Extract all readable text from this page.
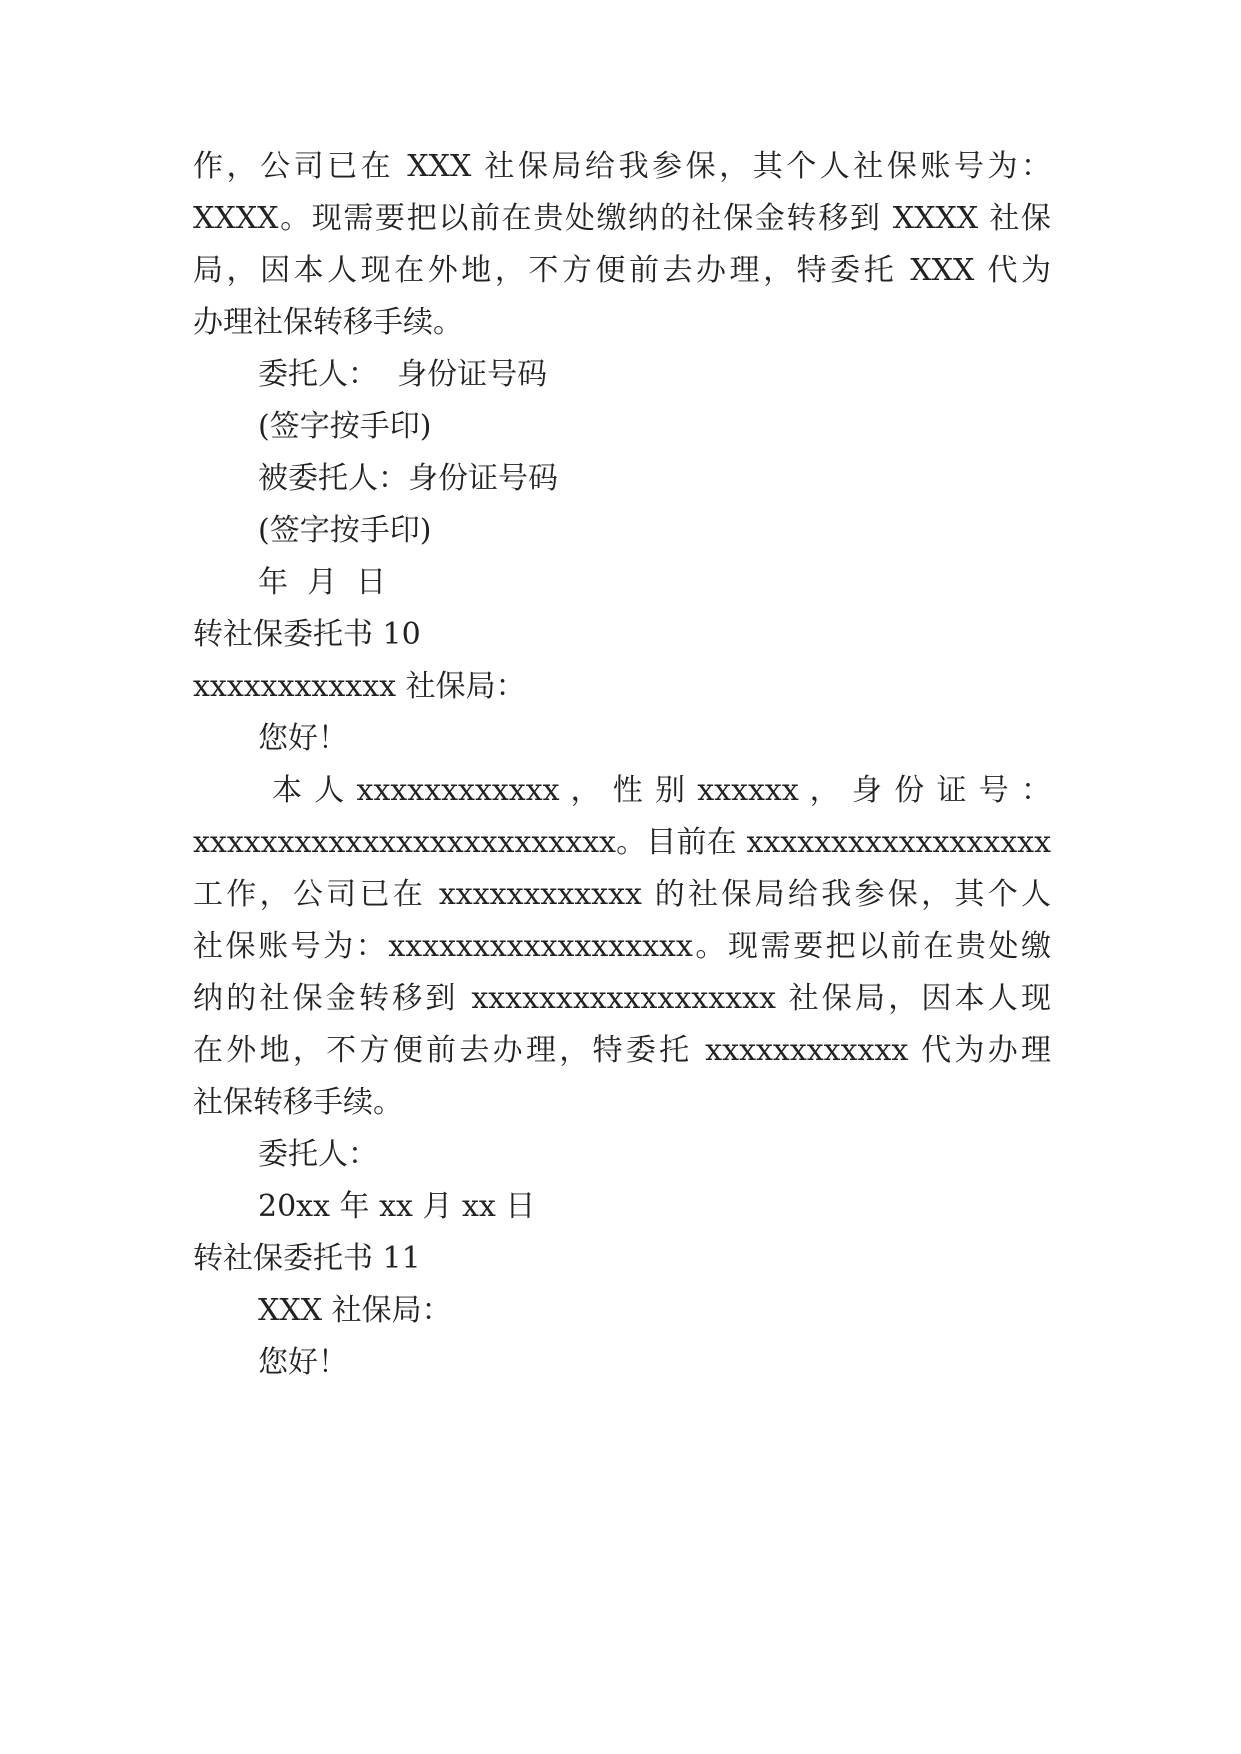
作，公司已在 XXX 社保局给我参保，其个人社保账号为：
XXXX。现需要把以前在贵处缴纳的社保金转移到 XXXX 社保
局，因本人现在外地，不方便前去办理，特委托 XXX 代为
办理社保转移手续。
委托人：  身份证号码
(签字按手印)
被委托人：身份证号码
(签字按手印)
年  月  日
转社保委托书 10
xxxxxxxxxxxx 社保局：
您好！
本 人 xxxxxxxxxxxx ， 性 别 xxxxxx ， 身 份 证 号 ：
xxxxxxxxxxxxxxxxxxxxxxxxx。目前在 xxxxxxxxxxxxxxxxxx
工作，公司已在 xxxxxxxxxxxx 的社保局给我参保，其个人
社保账号为：xxxxxxxxxxxxxxxxxx。现需要把以前在贵处缴
纳的社保金转移到 xxxxxxxxxxxxxxxxxx 社保局，因本人现
在外地，不方便前去办理，特委托 xxxxxxxxxxxx 代为办理
社保转移手续。
委托人：
20xx 年 xx 月 xx 日
转社保委托书 11
XXX 社保局：
您好！
